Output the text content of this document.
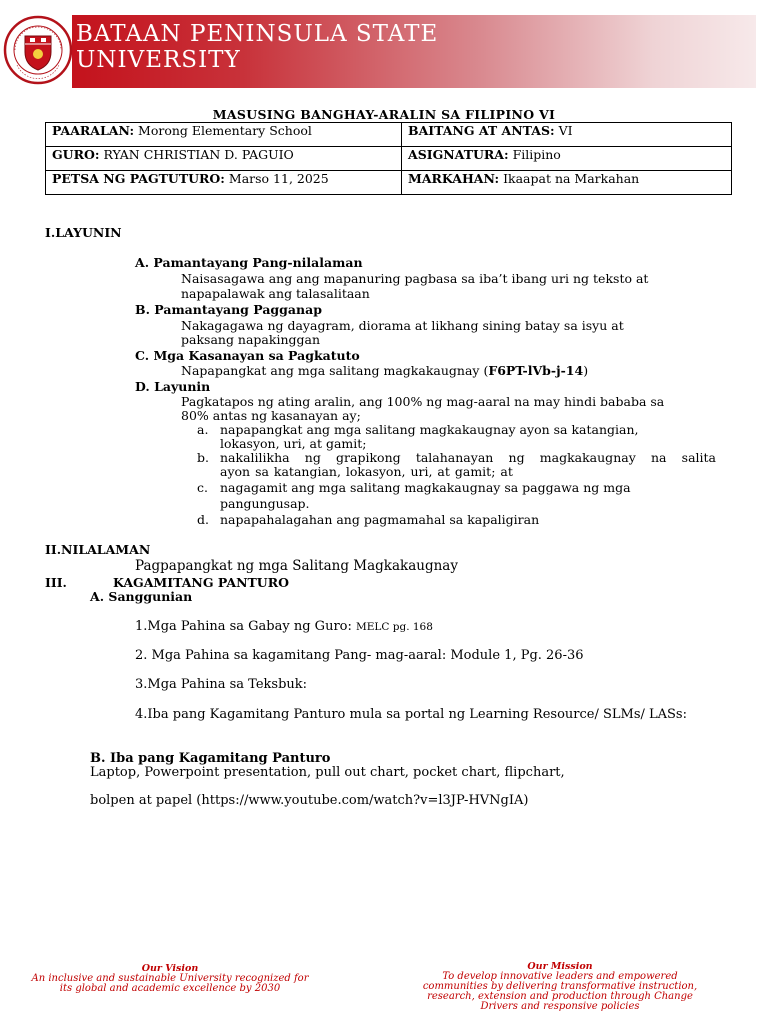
BATAAN PENINSULA STATE UNIVERSITY
MASUSING BANGHAY-ARALIN SA FILIPINO VI
PAARALAN: Morong Elementary School	BAITANG AT ANTAS: VI
GURO: RYAN CHRISTIAN D. PAGUIO	ASIGNATURA: Filipino
PETSA NG PAGTUTURO: Marso 11, 2025	MARKAHAN: Ikaapat na Markahan
I.LAYUNIN
A. Pamantayang Pang-nilalaman
Naisasagawa ang ang mapanuring pagbasa sa iba’t ibang uri ng teksto at
napapalawak ang talasalitaan
B. Pamantayang Pagganap
Nakagagawa ng dayagram, diorama at likhang sining batay sa isyu at
paksang napakinggan
C. Mga Kasanayan sa Pagkatuto
Napapangkat ang mga salitang magkakaugnay (F6PT-lVb-j-14)
D. Layunin
Pagkatapos ng ating aralin, ang 100% ng mag-aaral na may hindi bababa sa
80% antas ng kasanayan ay;
a. napapangkat ang mga salitang magkakaugnay ayon sa katangian,
lokasyon, uri, at gamit;
b. nakalilikha ng grapikong talahanayan ng magkakaugnay na salita
ayon sa katangian, lokasyon, uri, at gamit; at
c. nagagamit ang mga salitang magkakaugnay sa paggawa ng mga
pangungusap.
d. napapahalagahan ang pagmamahal sa kapaligiran
II.NILALAMAN
Pagpapangkat ng mga Salitang Magkakaugnay
III.	KAGAMITANG PANTURO
A. Sanggunian
1.Mga Pahina sa Gabay ng Guro: MELC pg. 168
2. Mga Pahina sa kagamitang Pang- mag-aaral: Module 1, Pg. 26-36
3.Mga Pahina sa Teksbuk:
4.Iba pang Kagamitang Panturo mula sa portal ng Learning Resource/ SLMs/ LASs:
B. Iba pang Kagamitang Panturo
Laptop, Powerpoint presentation, pull out chart, pocket chart, flipchart,
bolpen at papel (https://www.youtube.com/watch?v=l3JP-HVNgIA)
Our Vision
An inclusive and sustainable University recognized for
its global and academic excellence by 2030
Our Mission
To develop innovative leaders and empowered
communities by delivering transformative instruction,
research, extension and production through Change
Drivers and responsive policies
